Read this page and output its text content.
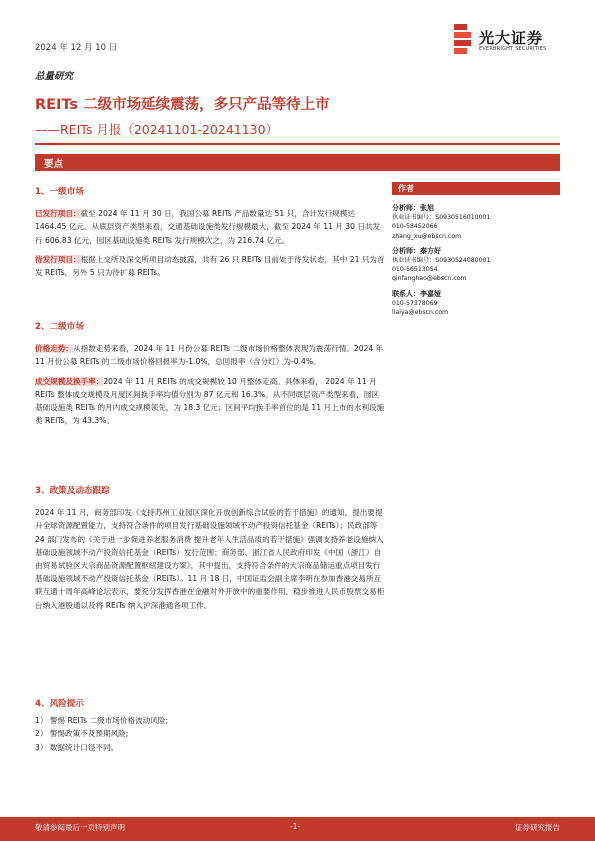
2024 年 12 月 10 日
光大证券
EVERBRIGHT SECURITIES
总量研究
REITs 二级市场延续震荡，多只产品等待上市
——REITs 月报（20241101-20241130）
要点
1、一级市场

已发行项目：截至 2024 年 11 月 30 日，我国公募 REITs 产品数量达 51 只，合计发行规模达 1464.45 亿元。从底层资产类型来看，交通基础设施类发行规模最大，截至 2024 年 11 月 30 日共发行 606.83 亿元，园区基础设施类 REITs 发行规模次之，为 216.74 亿元。

待发行项目：根据上交所及深交所项目动态披露，共有 26 只 REITs 目前处于待发状态，其中 21 只为首发 REITs，另外 5 只为待扩募 REITs。

2、二级市场

价格走势：从指数走势来看，2024 年 11 月份公募 REITs 二级市场价格整体表现为震荡行情。2024 年 11 月份公募 REITs 的二级市场价格回报率为-1.0%，总回报率（含分红）为-0.4%。

成交规模及换手率：2024 年 11 月 REITs 的成交规模较 10 月整体走高。具体来看， 2024 年 11 月 REITs 整体成交规模及月度区间换手率均值分别为 87 亿元和 16.3%。从不同底层资产类型来看，园区基础设施类 REITs 的月内成交规模领先，为 18.3 亿元；区间平均换手率首位的是 11 月上市的水利设施类 REITs，为 43.3%。

3、政策及动态跟踪

2024 年 11 月，商务部印发《支持苏州工业园区深化开放创新综合试验的若干措施》的通知，提出要提升全球资源配置能力，支持符合条件的项目发行基础设施领域不动产投资信托基金（REITs）；民政部等 24 部门发布的《关于进一步促进养老服务消费 提升老年人生活品质的若干措施》强调支持养老设施纳入基础设施领域不动产投资信托基金（REITs）发行范围；商务部、浙江省人民政府印发《中国（浙江）自由贸易试验区大宗商品资源配置枢纽建设方案》，其中提出，支持符合条件的大宗商品储运重点项目发行基础设施领域不动产投资信托基金（REITs）。11 月 18 日，中国证监会副主席李明在参加香港交易所互联互通十周年高峰论坛表示，要充分发挥香港在金融对外开放中的重要作用，稳步推进人民币股票交易柜台纳入港股通以及将 REITs 纳入沪深港通各项工作。

4、风险提示
1） 警惕 REITs 二级市场价格波动风险;
2） 警惕政策不及预期风险;
3） 数据统计口径不同。
作者
分析师：张旭
执业证书编号：S0930516010001
010-58452066
zhang_xu@ebscn.com
分析师：秦方好
执业证书编号：S0930524080001
010-56513054
qinfanghao@ebscn.com
联系人：李嘉娅
010-57378069
liaiya@ebscn.com
敬请参阅最后一页特别声明	-1-	证券研究报告
